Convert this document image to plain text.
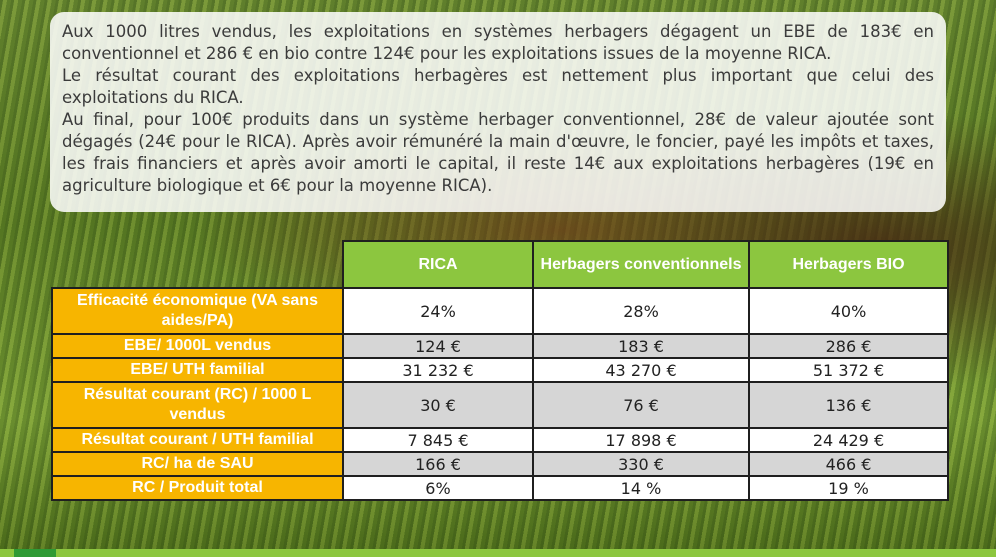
Aux 1000 litres vendus, les exploitations en systèmes herbagers dégagent un EBE de 183€ en conventionnel et 286 € en bio contre 124€ pour les exploitations issues de la moyenne RICA.

Le résultat courant des exploitations herbagères est nettement plus important que celui des exploitations du RICA.

Au final, pour 100€ produits dans un système herbager conventionnel, 28€ de valeur ajoutée sont dégagés (24€ pour le RICA). Après avoir rémunéré la main d'œuvre, le foncier, payé les impôts et taxes, les frais financiers et après avoir amorti le capital, il reste 14€ aux exploitations herbagères (19€ en agriculture biologique et 6€ pour la moyenne RICA).

	RICA	Herbagers conventionnels	Herbagers BIO
Efficacité économique (VA sans aides/PA)	24%	28%	40%
EBE/ 1000L vendus	124 €	183 €	286 €
EBE/ UTH familial	31 232 €	43 270 €	51 372 €
Résultat courant (RC) / 1000 L vendus	30 €	76 €	136 €
Résultat courant / UTH familial	7 845 €	17 898 €	24 429 €
RC/ ha de SAU	166 €	330 €	466 €
RC / Produit total	6%	14 %	19 %
